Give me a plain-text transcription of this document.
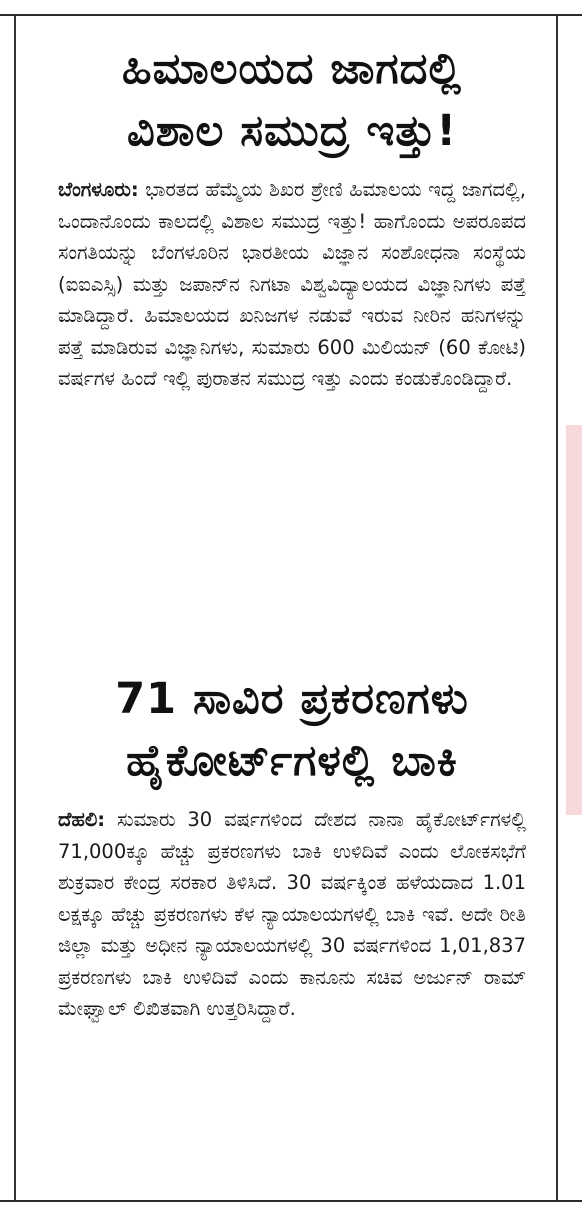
ಹಿಮಾಲಯದ ಜಾಗದಲ್ಲಿ
ವಿಶಾಲ ಸಮುದ್ರ ಇತ್ತು!

ಬೆಂಗಳೂರು: ಭಾರತದ ಹೆಮ್ಮೆಯ ಶಿಖರ ಶ್ರೇಣಿ ಹಿಮಾಲಯ ಇದ್ದ ಜಾಗದಲ್ಲಿ, ಒಂದಾನೊಂದು ಕಾಲದಲ್ಲಿ ವಿಶಾಲ ಸಮುದ್ರ ಇತ್ತು! ಹಾಗೊಂದು ಅಪರೂಪದ ಸಂಗತಿಯನ್ನು ಬೆಂಗಳೂರಿನ ಭಾರತೀಯ ವಿಜ್ಞಾನ ಸಂಶೋಧನಾ ಸಂಸ್ಥೆಯ (ಐಐಎಸ್ಸಿ) ಮತ್ತು ಜಪಾನ್‌ನ ನಿಗಟಾ ವಿಶ್ವವಿದ್ಯಾಲಯದ ವಿಜ್ಞಾನಿಗಳು ಪತ್ತೆ ಮಾಡಿದ್ದಾರೆ. ಹಿಮಾಲಯದ ಖನಿಜಗಳ ನಡುವೆ ಇರುವ ನೀರಿನ ಹನಿಗಳನ್ನು ಪತ್ತೆ ಮಾಡಿರುವ ವಿಜ್ಞಾನಿಗಳು, ಸುಮಾರು 600 ಮಿಲಿಯನ್ (60 ಕೋಟಿ) ವರ್ಷಗಳ ಹಿಂದೆ ಇಲ್ಲಿ ಪುರಾತನ ಸಮುದ್ರ ಇತ್ತು ಎಂದು ಕಂಡುಕೊಂಡಿದ್ದಾರೆ.

71 ಸಾವಿರ ಪ್ರಕರಣಗಳು
ಹೈಕೋರ್ಟ್‌ಗಳಲ್ಲಿ ಬಾಕಿ

ದೆಹಲಿ: ಸುಮಾರು 30 ವರ್ಷಗಳಿಂದ ದೇಶದ ನಾನಾ ಹೈಕೋರ್ಟ್‌ಗಳಲ್ಲಿ 71,000ಕ್ಕೂ ಹೆಚ್ಚು ಪ್ರಕರಣಗಳು ಬಾಕಿ ಉಳಿದಿವೆ ಎಂದು ಲೋಕಸಭೆಗೆ ಶುಕ್ರವಾರ ಕೇಂದ್ರ ಸರಕಾರ ತಿಳಿಸಿದೆ. 30 ವರ್ಷಕ್ಕಿಂತ ಹಳೆಯದಾದ 1.01 ಲಕ್ಷಕ್ಕೂ ಹೆಚ್ಚು ಪ್ರಕರಣಗಳು ಕೆಳ ನ್ಯಾಯಾಲಯಗಳಲ್ಲಿ ಬಾಕಿ ಇವೆ. ಅದೇ ರೀತಿ ಜಿಲ್ಲಾ ಮತ್ತು ಅಧೀನ ನ್ಯಾಯಾಲಯಗಳಲ್ಲಿ 30 ವರ್ಷಗಳಿಂದ 1,01,837 ಪ್ರಕರಣಗಳು ಬಾಕಿ ಉಳಿದಿವೆ ಎಂದು ಕಾನೂನು ಸಚಿವ ಅರ್ಜುನ್ ರಾಮ್ ಮೇಘ್ವಾಲ್ ಲಿಖಿತವಾಗಿ ಉತ್ತರಿಸಿದ್ದಾರೆ.
